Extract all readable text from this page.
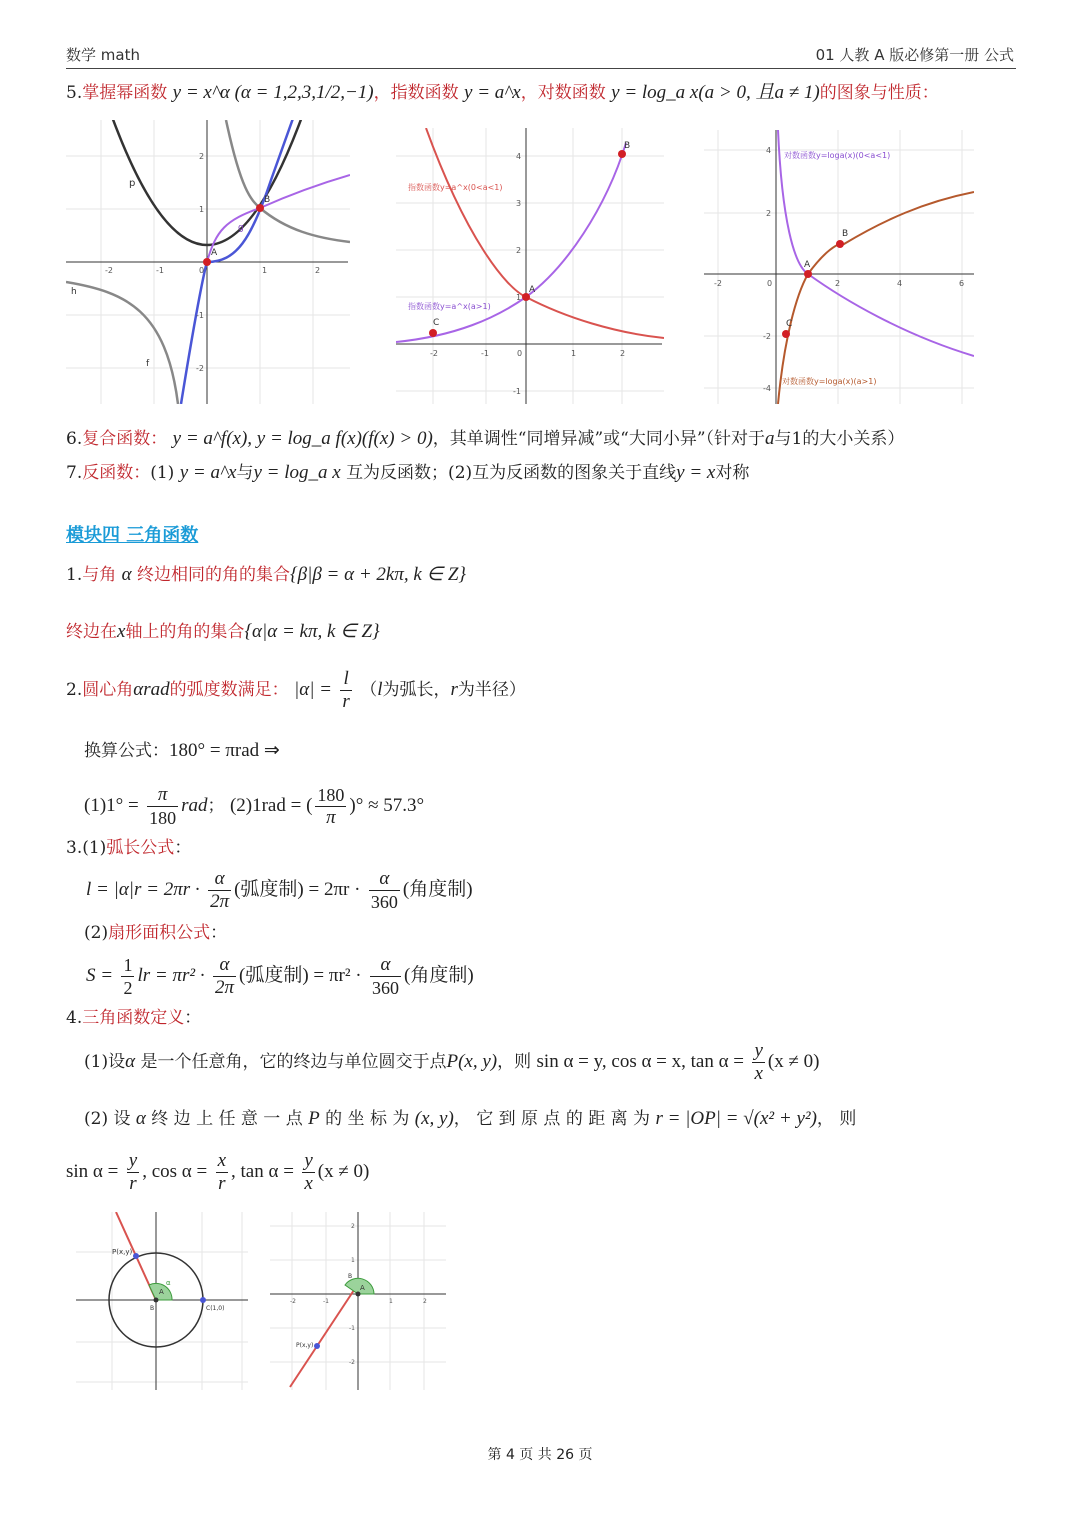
数学 math	01 人教 A 版必修第一册 公式
5.掌握幂函数 y = x^α (α = 1,2,3,1/2,−1)，指数函数 y = a^x，对数函数 y = log_a x(a > 0, 且a ≠ 1)的图象与性质：
p
g
h
f
A
B
-2	-1	0	1	2
2
1
-1
-2
指数函数y=a^x(0<a<1)
指数函数y=a^x(a>1)
A
B
C
-2	-1	0	1	2
4
3
2
1
-1
对数函数y=loga(x)(0<a<1)
对数函数y=loga(x)(a>1)
A
B
C
-2	0	2	4	6
4
2
-2
-4
6.复合函数： y = a^f(x), y = log_a f(x)(f(x) > 0)，其单调性“同增异减”或“大同小异”（针对于a与1的大小关系）
7.反函数：(1) y = a^x与y = log_a x 互为反函数；(2)互为反函数的图象关于直线y = x对称
模块四 三角函数
1.与角 α 终边相同的角的集合{β|β = α + 2kπ, k ∈ Z}
终边在x轴上的角的集合{α|α = kπ, k ∈ Z}
2.圆心角αrad的弧度数满足： $|\alpha| = \frac{l}{r} (l$为弧长，r为半径）
换算公式：180° = πrad ⇒
$(1)1^\circ = \frac{\pi}{180}$ rad； (2)1rad = ( $\frac{180}{\pi}$ )° ≈ 57.3°
3.(1)弧长公式：
$l = |\alpha|r = 2\pi r \cdot \frac{\alpha}{2\pi}$ (弧度制) = $2\pi r \cdot \frac{\alpha}{360}$ (角度制)
(2)扇形面积公式：
$S = \frac{1}{2}$ lr = $\pi r^2 \cdot \frac{\alpha}{2\pi}$ (弧度制) = $\pi r^2 \cdot \frac{\alpha}{360}$ (角度制)
4.三角函数定义：
(1)设α 是一个任意角，它的终边与单位圆交于点P(x, y)，则 sin α = y, cos α = x, $\tan \alpha = \frac{y}{x} (x \ne 0)$
(2) 设 α 终 边 上 任 意 一 点 P 的 坐 标 为 (x, y)， 它 到 原 点 的 距 离 为 r = |OP| = √(x² + y²)， 则
$\sin \alpha = \frac{y}{r}$ , $\cos \alpha = \frac{x}{r}$ , $\tan \alpha = \frac{y}{x} (x \ne 0)$
P(x,y)
C(1,0)
A
α
B
P(x,y)
A
B
-2	-1	1	2
2
1
-1
-2
第 4 页 共 26 页
